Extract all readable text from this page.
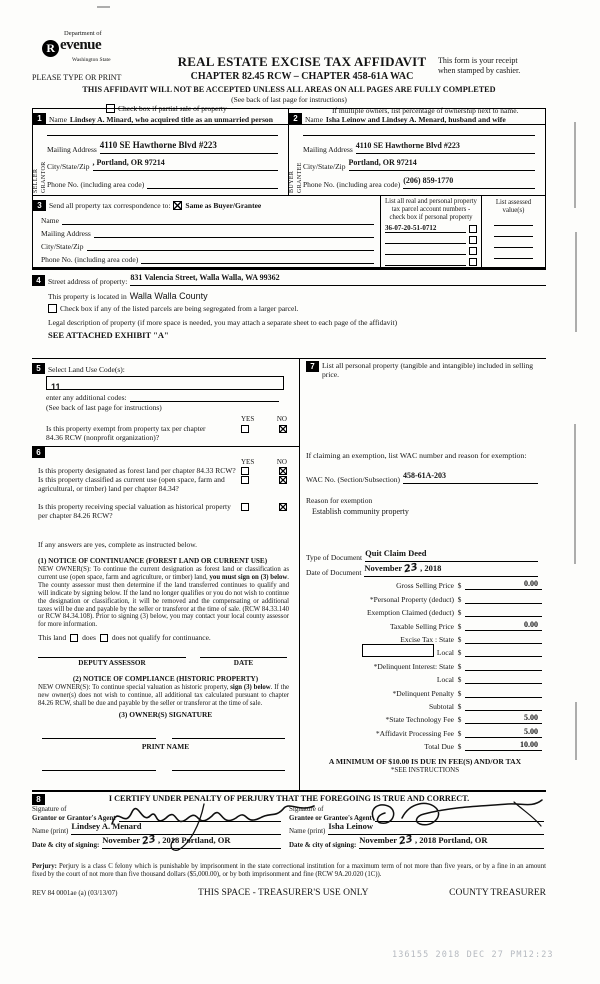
Department of
R evenue
Washington State	REAL ESTATE EXCISE TAX AFFIDAVIT
CHAPTER 82.45 RCW – CHAPTER 458-61A WAC
This form is your receipt
when stamped by cashier.
PLEASE TYPE OR PRINT
THIS AFFIDAVIT WILL NOT BE ACCEPTED UNLESS ALL AREAS ON ALL PAGES ARE FULLY COMPLETED
(See back of last page for instructions)
Check box if partial sale of property	If multiple owners, list percentage of ownership next to name.
1 Name Lindsey A. Minard, who acquired title as an unmarried person
SELLER GRANTOR
Mailing Address 4110 SE Hawthorne Blvd #223
City/State/Zip , Portland, OR 97214
Phone No. (including area code)
2 Name Isha Leinow and Lindsey A. Menard, husband and wife
BUYER GRANTEE
Mailing Address 4110 SE Hawthorne Blvd #223
City/State/Zip Portland, OR 97214
Phone No. (including area code) (206) 859-1770
3 Send all property tax correspondence to: Same as Buyer/Grantee
Name
Mailing Address
City/State/Zip
Phone No. (including area code)
List all real and personal property tax parcel account numbers - check box if personal property
36-07-20-51-0712
List assessed value(s)
4 Street address of property: 831 Valencia Street, Walla Walla, WA 99362
This property is located in Walla Walla County
Check box if any of the listed parcels are being segregated from a larger parcel.
Legal description of property (if more space is needed, you may attach a separate sheet to each page of the affidavit)
SEE ATTACHED EXHIBIT "A"
5 Select Land Use Code(s):
11
enter any additional codes:
(See back of last page for instructions)
YES	NO
Is this property exempt from property tax per chapter
84.36 RCW (nonprofit organization)?
6
YES	NO
Is this property designated as forest land per chapter 84.33 RCW?
Is this property classified as current use (open space, farm and agricultural, or timber) land per chapter 84.34?
Is this property receiving special valuation as historical property per chapter 84.26 RCW?
If any answers are yes, complete as instructed below.
(1) NOTICE OF CONTINUANCE (FOREST LAND OR CURRENT USE)
NEW OWNER(S): To continue the current designation as forest land or classification as current use (open space, farm and agriculture, or timber) land, you must sign on (3) below. The county assessor must then determine if the land transferred continues to qualify and will indicate by signing below. If the land no longer qualifies or you do not wish to continue the designation or classification, it will be removed and the compensating or additional taxes will be due and payable by the seller or transferor at the time of sale. (RCW 84.33.140 or RCW 84.34.108). Prior to signing (3) below, you may contact your local county assessor for more information.
This land does does not qualify for continuance.
DEPUTY ASSESSOR	DATE
(2) NOTICE OF COMPLIANCE (HISTORIC PROPERTY)
NEW OWNER(S): To continue special valuation as historic property, sign (3) below. If the new owner(s) does not wish to continue, all additional tax calculated pursuant to chapter 84.26 RCW, shall be due and payable by the seller or transferor at the time of sale.
(3) OWNER(S) SIGNATURE
PRINT NAME
7 List all personal property (tangible and intangible) included in selling price.
If claiming an exemption, list WAC number and reason for exemption:
WAC No. (Section/Subsection) 458-61A-203
Reason for exemption
Establish community property
Type of Document Quit Claim Deed
Date of Document November23, 2018
Gross Selling Price $	0.00
*Personal Property (deduct) $
Exemption Claimed (deduct) $
Taxable Selling Price $	0.00
Excise Tax : State $
Local $
*Delinquent Interest: State $
Local $
*Delinquent Penalty $
Subtotal $
*State Technology Fee $	5.00
*Affidavit Processing Fee $	5.00
Total Due $	10.00
A MINIMUM OF $10.00 IS DUE IN FEE(S) AND/OR TAX
*SEE INSTRUCTIONS
8	I CERTIFY UNDER PENALTY OF PERJURY THAT THE FOREGOING IS TRUE AND CORRECT.
Signature of
Grantor or Grantor's Agent
Name (print) Lindsey A. Menard
Date & city of signing: November23, 2018 Portland, OR
Signature of
Grantee or Grantee's Agent
Name (print) Isha Leinow
Date & city of signing: November23, 2018 Portland, OR
Perjury: Perjury is a class C felony which is punishable by imprisonment in the state correctional institution for a maximum term of not more than five years, or by a fine in an amount fixed by the court of not more than five thousand dollars ($5,000.00), or by both imprisonment and fine (RCW 9A.20.020 (1C)).
REV 84 0001ae (a) (03/13/07)	THIS SPACE - TREASURER'S USE ONLY	COUNTY TREASURER
136155 2018 DEC 27 PM12:23
